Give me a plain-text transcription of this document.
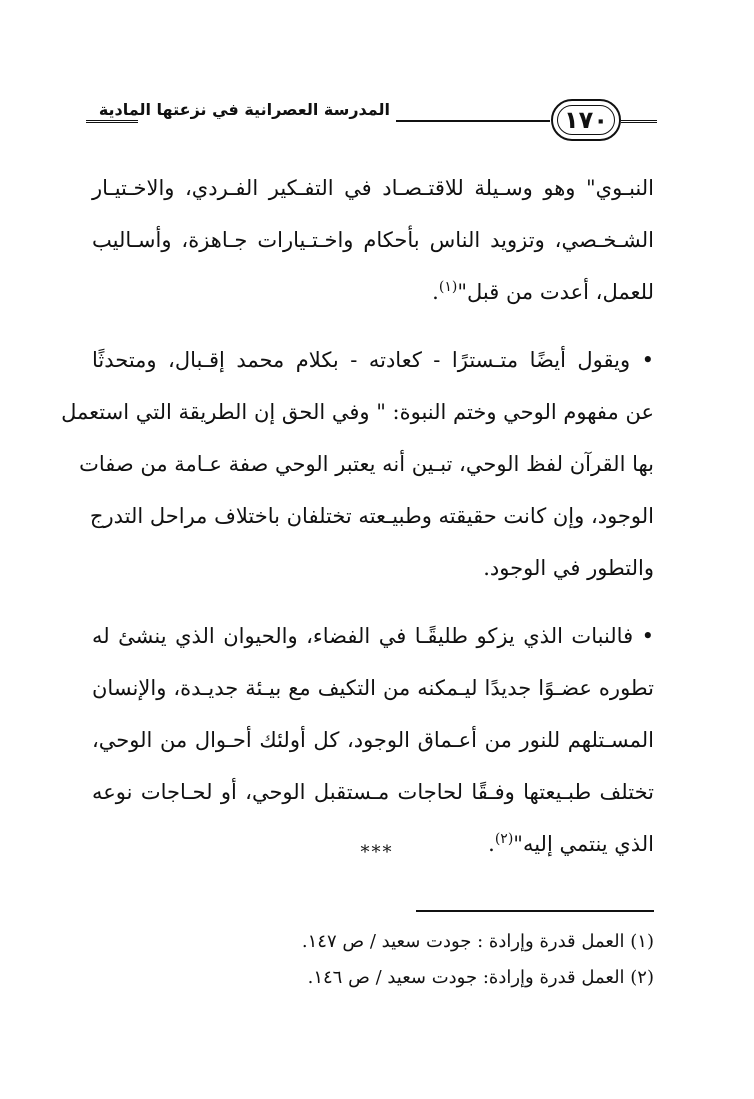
المدرسة العصرانية في نزعتها المادية	١٧٠
النبـوي" وهو وسـيلة للاقتـصـاد في التفـكير الفـردي، والاخـتيـار
الشـخـصي، وتزويد الناس بأحكام واخـتـيارات جـاهزة، وأسـاليب
للعمل، أعدت من قبل"$^{(١)}$.
• ويقول أيضًا متـسترًا - كعادته - بكلام محمد إقـبال، ومتحدثًا
عن مفهوم الوحي وختم النبوة: " وفي الحق إن الطريقة التي استعمل
بها القرآن لفظ الوحي، تبـين أنه يعتبر الوحي صفة عـامة من صفات
الوجود، وإن كانت حقيقته وطبيـعته تختلفان باختلاف مراحل التدرج
والتطور في الوجود.
• فالنبات الذي يزكو طليقًـا في الفضاء، والحيوان الذي ينشئ له
تطوره عضـوًا جديدًا ليـمكنه من التكيف مع بيـئة جديـدة، والإنسان
المسـتلهم للنور من أعـماق الوجود، كل أولئك أحـوال من الوحي،
تختلف طبـيعتها وفـقًا لحاجات مـستقبل الوحي، أو لحـاجات نوعه
الذي ينتمي إليه"$^{(٢)}$.
***
(١) العمل قدرة وإرادة : جودت سعيد / ص ١٤٧.
(٢) العمل قدرة وإرادة: جودت سعيد / ص ١٤٦.
